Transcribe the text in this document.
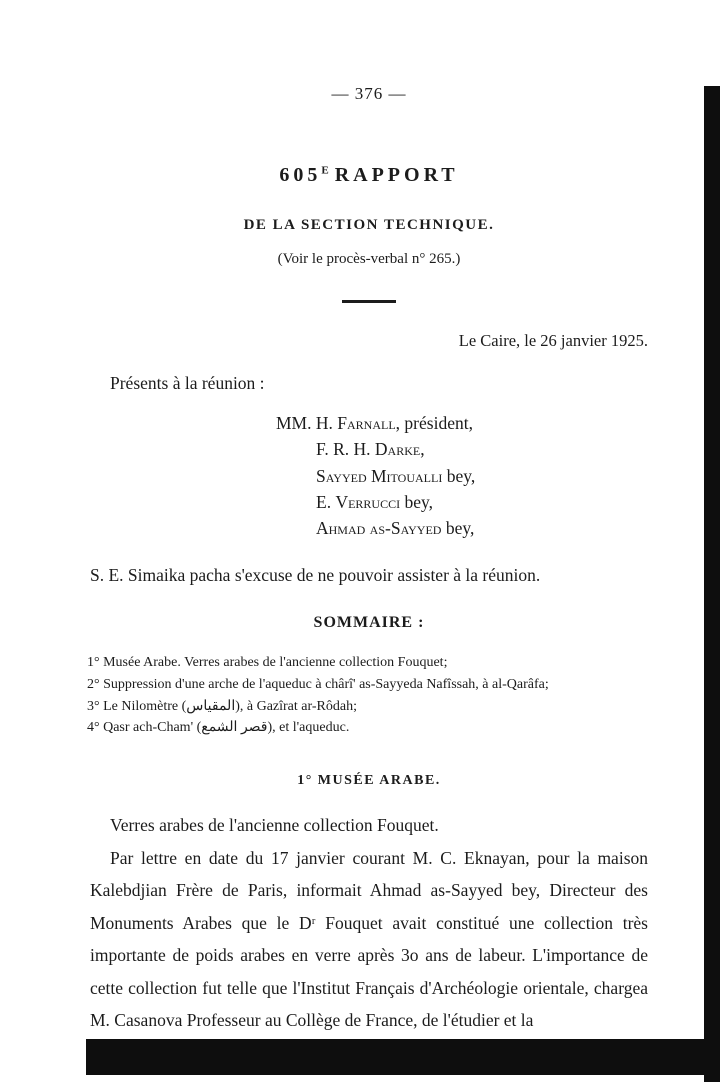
— 376 —
$605^E$ RAPPORT
DE LA SECTION TECHNIQUE.
(Voir le procès-verbal n° 265.)
Le Caire, le 26 janvier 1925.
Présents à la réunion :
MM. H. Farnall, président,
F. R. H. Darke,
Sayyed Mitoualli bey,
E. Verrucci bey,
Ahmad as-Sayyed bey,
S. E. Simaika pacha s'excuse de ne pouvoir assister à la réunion.
SOMMAIRE :
1° Musée Arabe. Verres arabes de l'ancienne collection Fouquet;
2° Suppression d'une arche de l'aqueduc à chârî' as-Sayyeda Nafîssah, à al-Qarâfa;
3° Le Nilomètre (المقياس), à Gazîrat ar-Rôdah;
4° Qasr ach-Cham' (قصر الشمع), et l'aqueduc.
1° MUSÉE ARABE.

Verres arabes de l'ancienne collection Fouquet.

Par lettre en date du 17 janvier courant M. C. Eknayan, pour la maison Kalebdjian Frère de Paris, informait Ahmad as-Sayyed bey, Directeur des Monuments Arabes que le Dʳ Fouquet avait constitué une collection très importante de poids arabes en verre après 3o ans de labeur. L'importance de cette collection fut telle que l'Institut Français d'Archéologie orientale, chargea M. Casanova Professeur au Collège de France, de l'étudier et la
